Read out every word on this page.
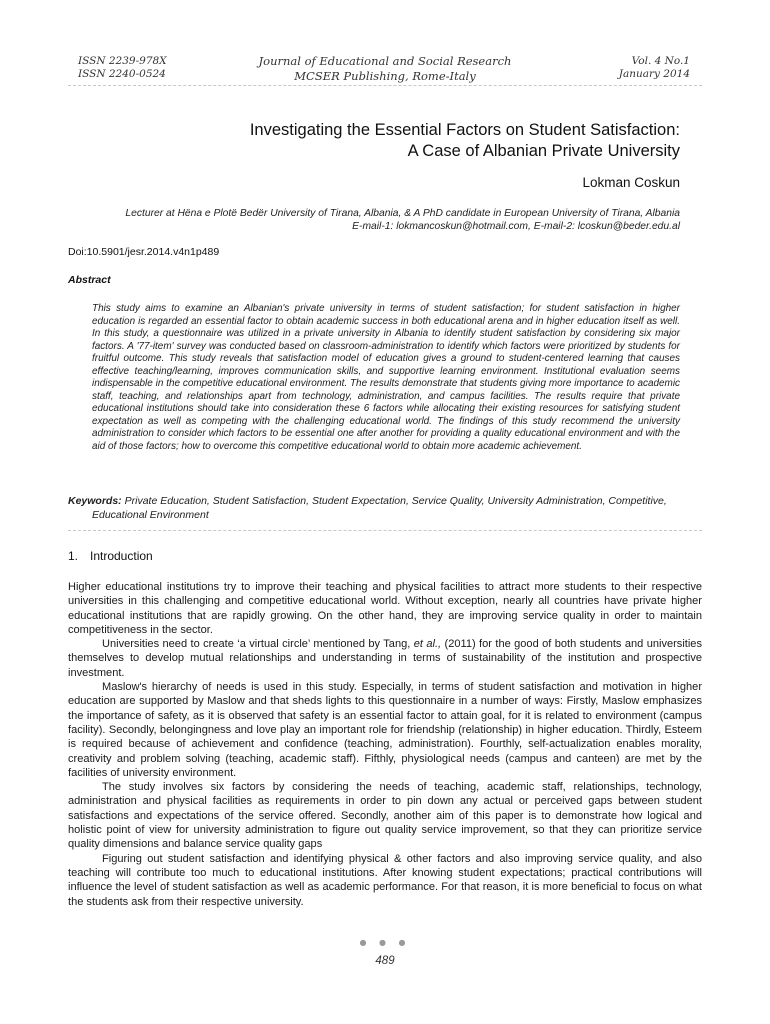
ISSN 2239-978X
ISSN 2240-0524
Journal of Educational and Social Research
MCSER Publishing, Rome-Italy
Vol. 4 No.1
January 2014
Investigating the Essential Factors on Student Satisfaction:
A Case of Albanian Private University
Lokman Coskun
Lecturer at Hëna e Plotë Bedër University of Tirana, Albania, & A PhD candidate in European University of Tirana, Albania
E-mail-1: lokmancoskun@hotmail.com, E-mail-2: lcoskun@beder.edu.al
Doi:10.5901/jesr.2014.v4n1p489
Abstract

This study aims to examine an Albanian's private university in terms of student satisfaction; for student satisfaction in higher education is regarded an essential factor to obtain academic success in both educational arena and in higher education itself as well. In this study, a questionnaire was utilized in a private university in Albania to identify student satisfaction by considering six major factors. A '77-item' survey was conducted based on classroom-administration to identify which factors were prioritized by students for fruitful outcome. This study reveals that satisfaction model of education gives a ground to student-centered learning that causes effective teaching/learning, improves communication skills, and supportive learning environment. Institutional evaluation seems indispensable in the competitive educational environment. The results demonstrate that students giving more importance to academic staff, teaching, and relationships apart from technology, administration, and campus facilities. The results require that private educational institutions should take into consideration these 6 factors while allocating their existing resources for satisfying student expectation as well as competing with the challenging educational world. The findings of this study recommend the university administration to consider which factors to be essential one after another for providing a quality educational environment and with the aid of those factors; how to overcome this competitive educational world to obtain more academic achievement.

Keywords: Private Education, Student Satisfaction, Student Expectation, Service Quality, University Administration, Competitive,
Educational Environment
1. Introduction

Higher educational institutions try to improve their teaching and physical facilities to attract more students to their respective universities in this challenging and competitive educational world. Without exception, nearly all countries have private higher educational institutions that are rapidly growing. On the other hand, they are improving service quality in order to maintain competitiveness in the sector.

Universities need to create ‘a virtual circle’ mentioned by Tang, et al., (2011) for the good of both students and universities themselves to develop mutual relationships and understanding in terms of sustainability of the institution and prospective investment.

Maslow's hierarchy of needs is used in this study. Especially, in terms of student satisfaction and motivation in higher education are supported by Maslow and that sheds lights to this questionnaire in a number of ways: Firstly, Maslow emphasizes the importance of safety, as it is observed that safety is an essential factor to attain goal, for it is related to environment (campus facility). Secondly, belongingness and love play an important role for friendship (relationship) in higher education. Thirdly, Esteem is required because of achievement and confidence (teaching, administration). Fourthly, self-actualization enables morality, creativity and problem solving (teaching, academic staff). Fifthly, physiological needs (campus and canteen) are met by the facilities of university environment.

The study involves six factors by considering the needs of teaching, academic staff, relationships, technology, administration and physical facilities as requirements in order to pin down any actual or perceived gaps between student satisfactions and expectations of the service offered. Secondly, another aim of this paper is to demonstrate how logical and holistic point of view for university administration to figure out quality service improvement, so that they can prioritize service quality dimensions and balance service quality gaps

Figuring out student satisfaction and identifying physical & other factors and also improving service quality, and also teaching will contribute too much to educational institutions. After knowing student expectations; practical contributions will influence the level of student satisfaction as well as academic performance. For that reason, it is more beneficial to focus on what the students ask from their respective university.

● ● ●
489
